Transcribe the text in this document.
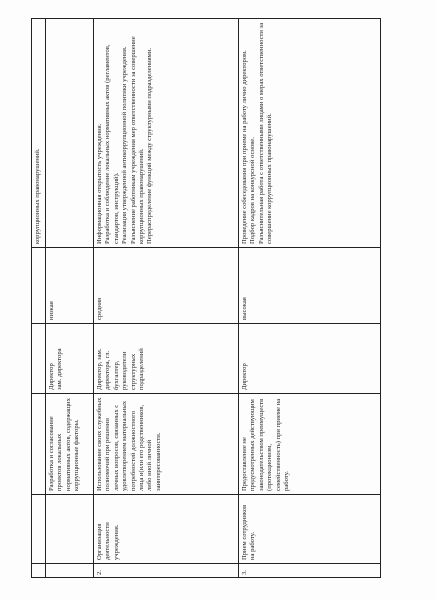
коррупционных правонарушений.
Разработка и согласование проектов локальных нормативных актов, содержащих коррупционные факторы.
Директор
зам. директора
низкая
2.
Организация деятельности учреждения.
Использование своих служебных полномочий при решении личных вопросов, связанных с удовлетворением материальных потребностей должностного лица и(или его родственников, либо иной личной заинтересованности.
Директор, зам. директора, гл. бухгалтер, руководители структурных подразделений
средняя

Информационная открытость учреждения. Разработка и соблюдение локальных нормативных актов (регламентов, стандартов, инструкций). Реализация утвержденной антикоррупционной политики учреждения. Разъяснение работникам учреждения мер ответственности за совершение коррупционных правонарушений. Перераспределение функций между структурными подразделениями.

3.
Прием сотрудников на работу.
Предоставление не предусмотренных действующим законодательством преимуществ (протекционизм, семейственность) при приеме на работу.
Директор
высокая

Проведение собеседования при приеме на работу лично директором. Подбор кадров на конкурсной основе. Разъяснительная работа с ответственными лицами о мерах ответственности за совершение коррупционных правонарушений.
